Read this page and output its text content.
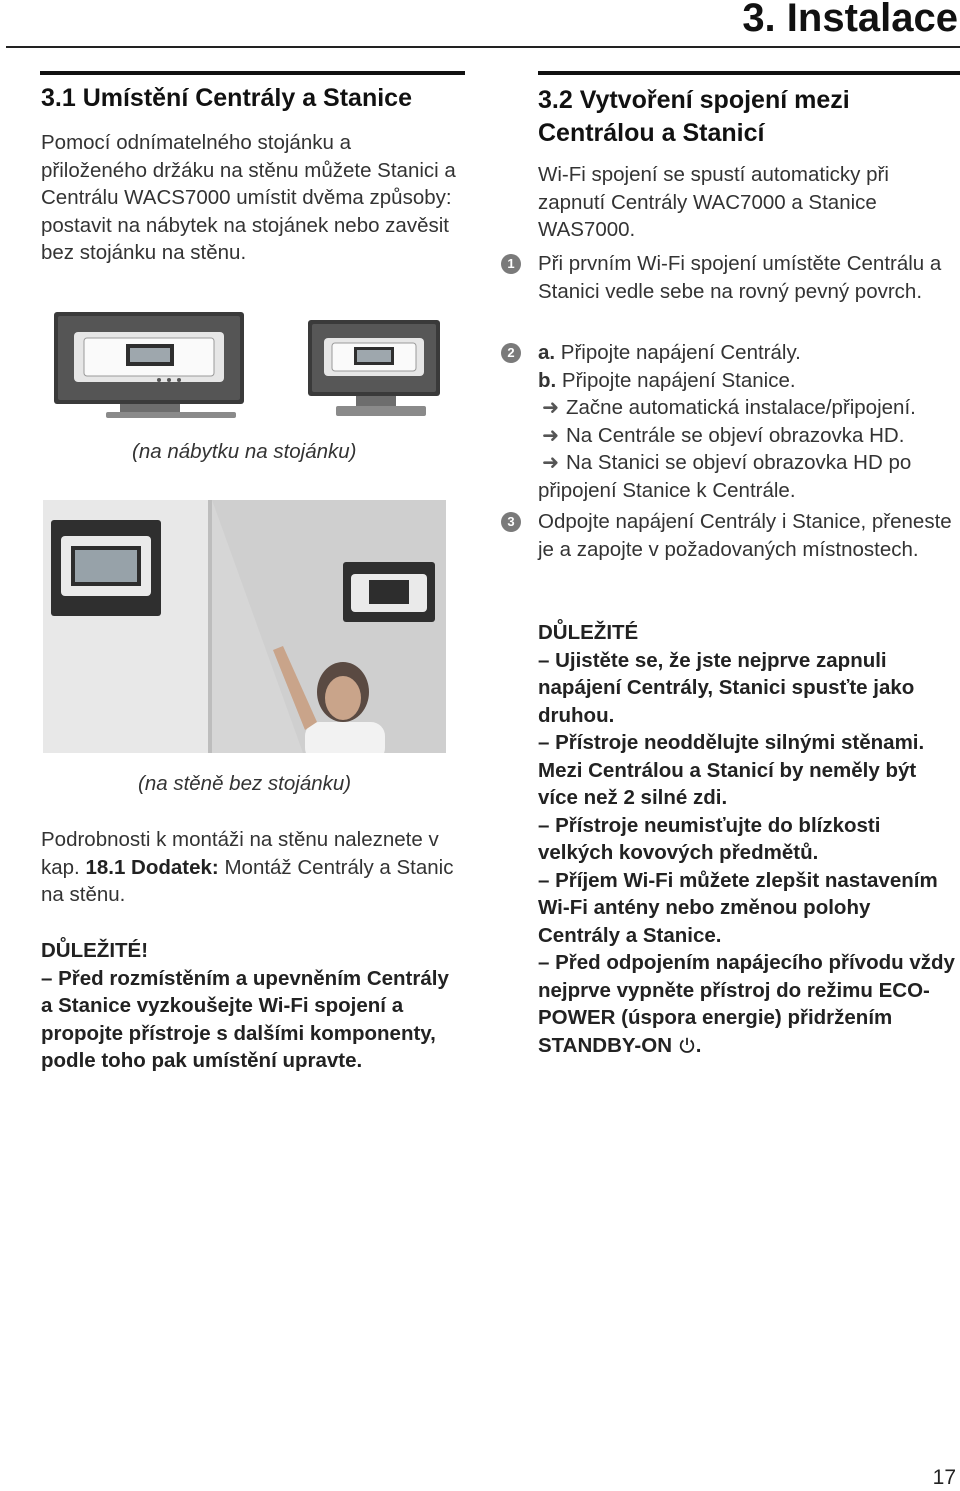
3. Instalace
3.1 Umístění Centrály a Stanice
Pomocí odnímatelného stojánku a přiloženého držáku na stěnu můžete Stanici a Centrálu WACS7000 umístit dvěma způsoby: postavit na nábytek na stojánek nebo zavěsit bez stojánku na stěnu.
(na nábytku na stojánku)
(na stěně bez stojánku)
Podrobnosti k montáži na stěnu naleznete v kap. 18.1 Dodatek: Montáž Centrály a Stanic na stěnu.

DŮLEŽITÉ!

– Před rozmístěním a upevněním Centrály a Stanice vyzkoušejte Wi-Fi spojení a propojte přístroje s dalšími komponenty, podle toho pak umístění upravte.

3.2 Vytvoření spojení mezi Centrálou a Stanicí
Wi-Fi spojení se spustí automaticky při zapnutí Centrály WAC7000 a Stanice WAS7000.
1	Při prvním Wi-Fi spojení umístěte Centrálu a Stanici vedle sebe na rovný pevný povrch.
2	a. Připojte napájení Centrály.
b. Připojte napájení Stanice.
➜ Začne automatická instalace/připojení.
➜ Na Centrále se objeví obrazovka HD.
➜ Na Stanici se objeví obrazovka HD po připojení Stanice k Centrále.
3	Odpojte napájení Centrály i Stanice, přeneste je a zapojte v požadovaných místnostech.

DŮLEŽITÉ

– Ujistěte se, že jste nejprve zapnuli napájení Centrály, Stanici spusťte jako druhou.

– Přístroje neoddělujte silnými stěnami. Mezi Centrálou a Stanicí by neměly být více než 2 silné zdi.

– Přístroje neumisťujte do blízkosti velkých kovových předmětů.

– Příjem Wi-Fi můžete zlepšit nastavením Wi-Fi antény nebo změnou polohy Centrály a Stanice.

– Před odpojením napájecího přívodu vždy nejprve vypněte přístroj do režimu ECO-POWER (úspora energie) přidržením STANDBY-ON .

17
